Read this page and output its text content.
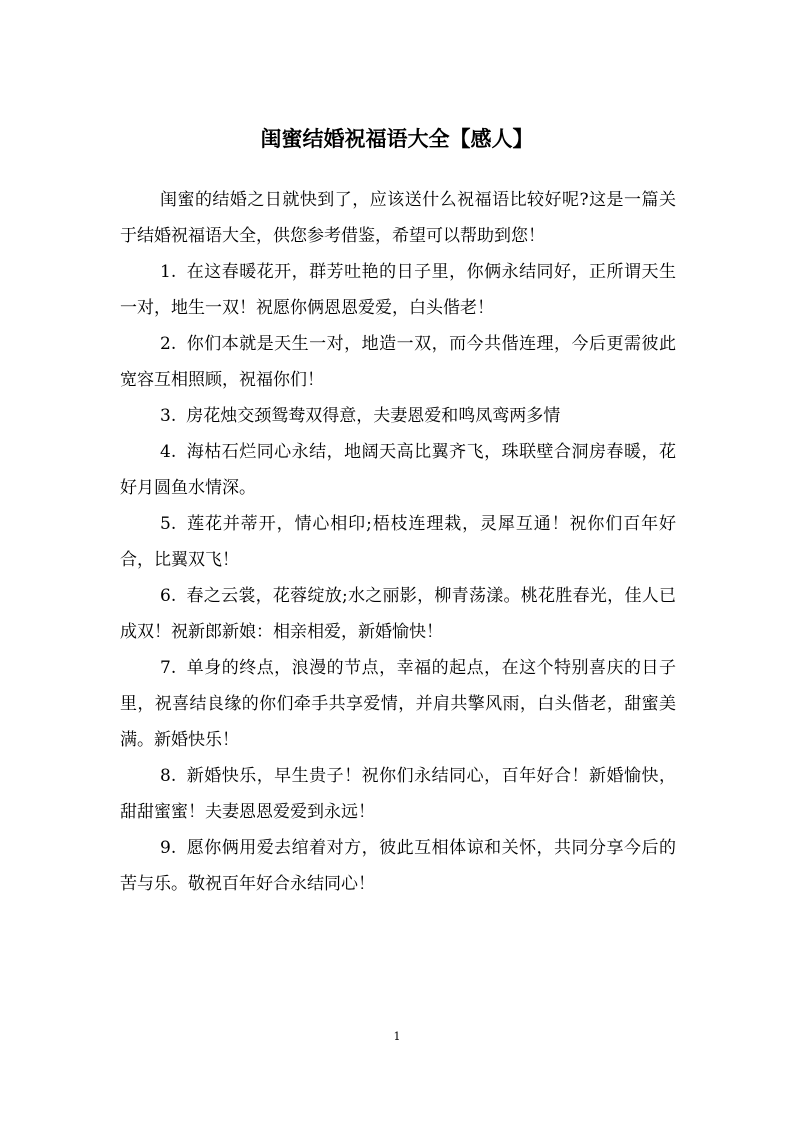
闺蜜结婚祝福语大全【感人】

闺蜜的结婚之日就快到了，应该送什么祝福语比较好呢?这是一篇关于结婚祝福语大全，供您参考借鉴，希望可以帮助到您！

1. 在这春暖花开，群芳吐艳的日子里，你俩永结同好，正所谓天生一对，地生一双！祝愿你俩恩恩爱爱，白头偕老！

2. 你们本就是天生一对，地造一双，而今共偕连理，今后更需彼此宽容互相照顾，祝福你们！

3. 房花烛交颈鸳鸯双得意，夫妻恩爱和鸣凤鸾两多情

4. 海枯石烂同心永结，地阔天高比翼齐飞，珠联壁合洞房春暖，花好月圆鱼水情深。

5. 莲花并蒂开，情心相印;梧枝连理栽，灵犀互通！祝你们百年好合，比翼双飞！

6. 春之云裳，花蓉绽放;水之丽影，柳青荡漾。桃花胜春光，佳人已成双！祝新郎新娘：相亲相爱，新婚愉快！

7. 单身的终点，浪漫的节点，幸福的起点，在这个特别喜庆的日子里，祝喜结良缘的你们牵手共享爱情，并肩共擎风雨，白头偕老，甜蜜美满。新婚快乐！

8. 新婚快乐，早生贵子！祝你们永结同心，百年好合！新婚愉快，甜甜蜜蜜！夫妻恩恩爱爱到永远！

9. 愿你俩用爱去绾着对方，彼此互相体谅和关怀，共同分享今后的苦与乐。敬祝百年好合永结同心！

1
